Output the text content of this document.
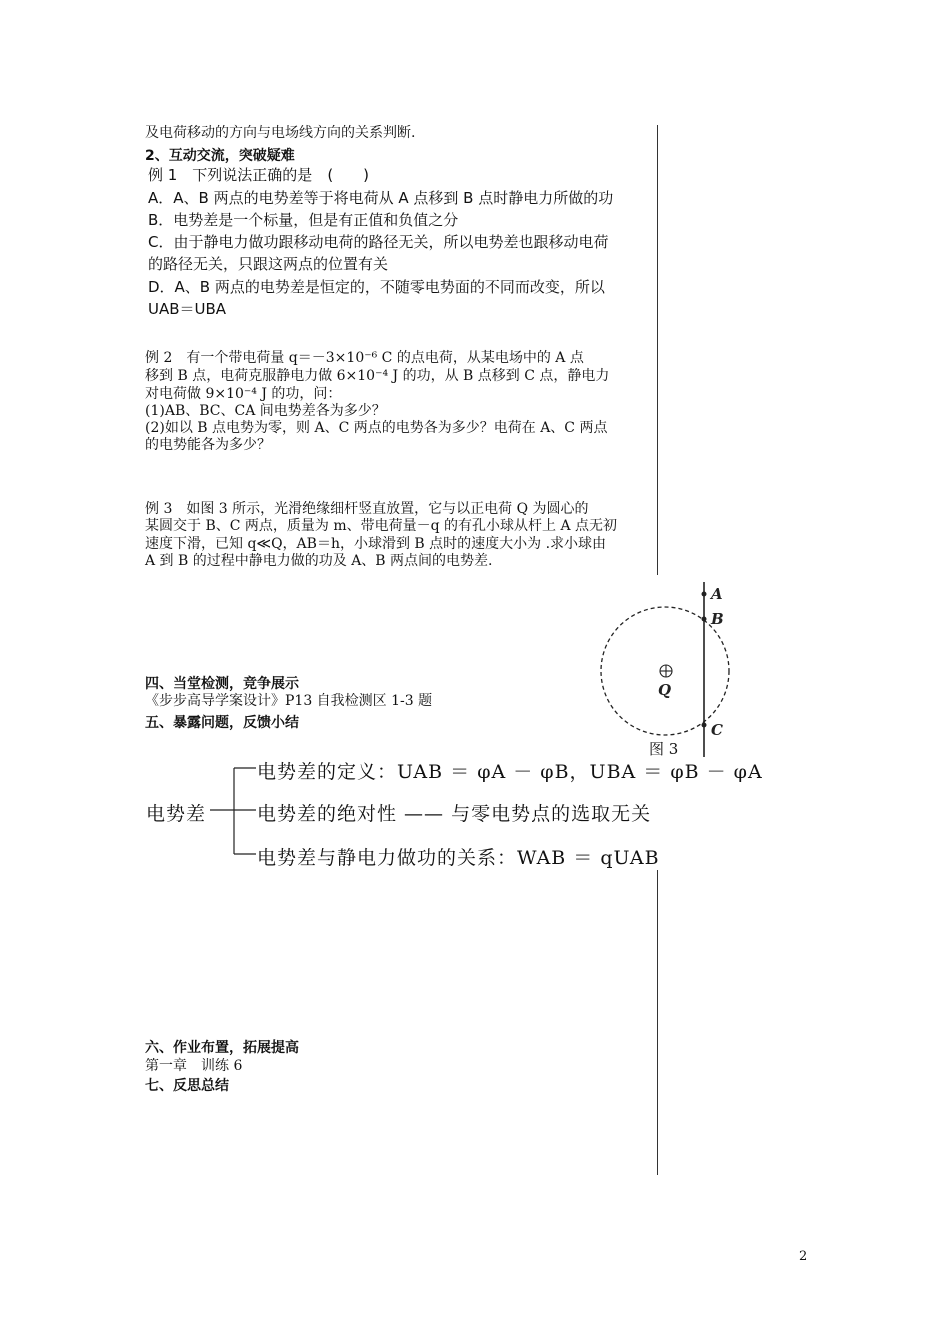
及电荷移动的方向与电场线方向的关系判断.
2、互动交流，突破疑难
例 1　下列说法正确的是　(　　)
A．A、B 两点的电势差等于将电荷从 A 点移到 B 点时静电力所做的功
B．电势差是一个标量，但是有正值和负值之分
C．由于静电力做功跟移动电荷的路径无关，所以电势差也跟移动电荷
的路径无关，只跟这两点的位置有关
D．A、B 两点的电势差是恒定的，不随零电势面的不同而改变，所以
UAB＝UBA
例 2　有一个带电荷量 q＝－3×10⁻⁶ C 的点电荷，从某电场中的 A 点
移到 B 点，电荷克服静电力做 6×10⁻⁴ J 的功，从 B 点移到 C 点，静电力
对电荷做 9×10⁻⁴ J 的功，问：
(1)AB、BC、CA 间电势差各为多少？
(2)如以 B 点电势为零，则 A、C 两点的电势各为多少？电荷在 A、C 两点
的电势能各为多少？
例 3　如图 3 所示，光滑绝缘细杆竖直放置，它与以正电荷 Q 为圆心的
某圆交于 B、C 两点，质量为 m、带电荷量－q 的有孔小球从杆上 A 点无初
速度下滑，已知 q≪Q，AB＝h，小球滑到 B 点时的速度大小为 .求小球由
A 到 B 的过程中静电力做的功及 A、B 两点间的电势差.
A
B
C
Q
图 3
四、当堂检测，竞争展示
《步步高导学案设计》P13 自我检测区 1-3 题
五、暴露问题，反馈小结
电势差
电势差的定义：UAB ＝ φA － φB，UBA ＝ φB － φA
电势差的绝对性 —— 与零电势点的选取无关
电势差与静电力做功的关系：WAB ＝ qUAB
六、作业布置，拓展提高
第一章　训练 6
七、反思总结
2
